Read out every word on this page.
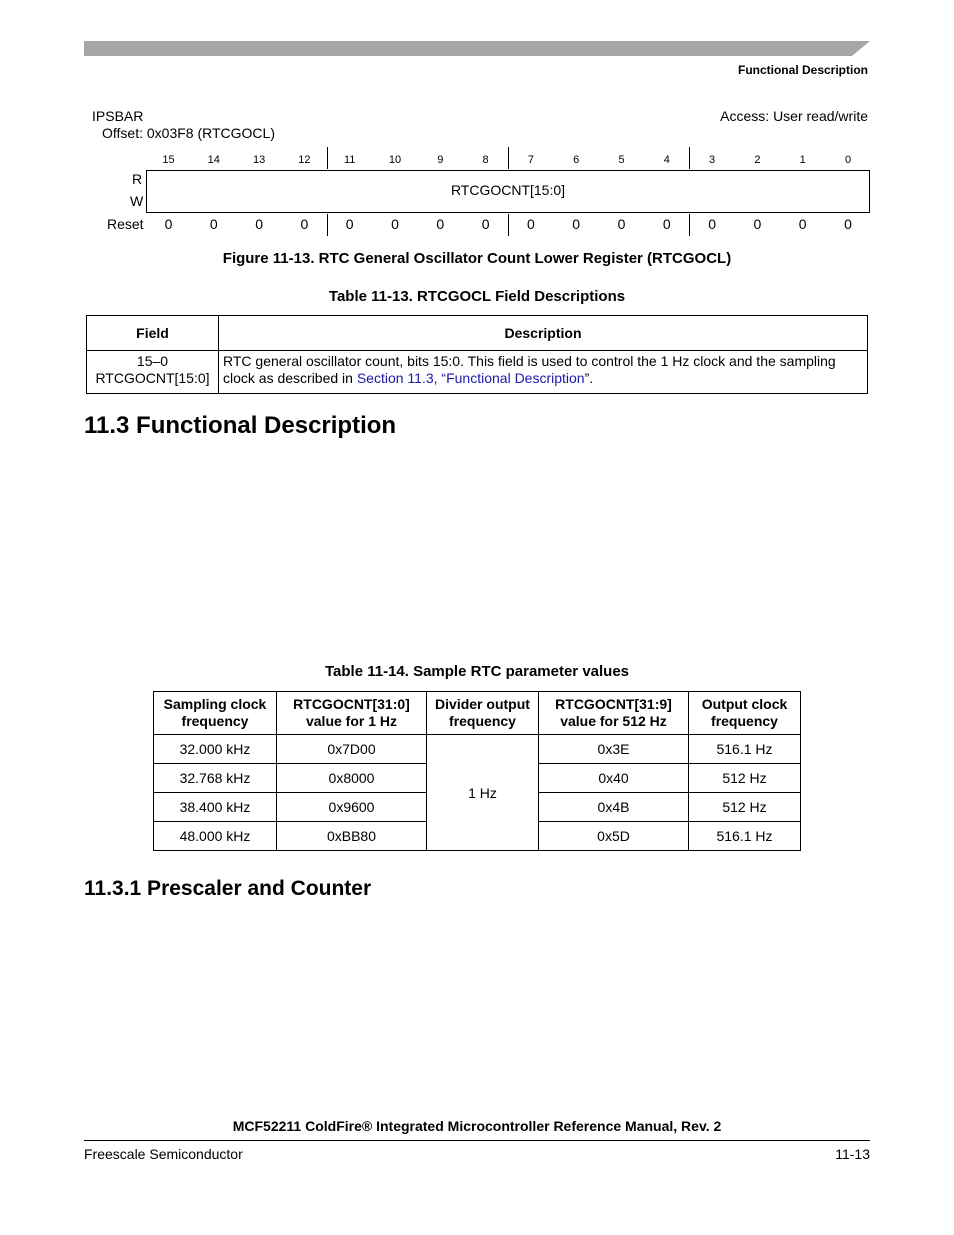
Functional Description
IPSBAR
Offset: 0x03F8 (RTCGOCL)
Access: User read/write
15	14	13	12	11	10	9	8	7	6	5	4	3	2	1	0
0	0	0	0	0	0	0	0	0	0	0	0	0	0	0	0
R
W
Reset
RTCGOCNT[15:0]
Figure 11-13. RTC General Oscillator Count Lower Register (RTCGOCL)
Table 11-13. RTCGOCL Field Descriptions
Field	Description

15–0
RTCGOCNT[15:0]	RTC general oscillator count, bits 15:0. This field is used to control the 1 Hz clock and the sampling clock as described in Section 11.3, “Functional Description”.
11.3 Functional Description
Table 11-14. Sample RTC parameter values
Sampling clock frequency	RTCGOCNT[31:0] value for 1 Hz	Divider output frequency	RTCGOCNT[31:9] value for 512 Hz	Output clock frequency
32.000 kHz	0x7D00	1 Hz	0x3E	516.1 Hz
32.768 kHz	0x8000		0x40	512 Hz
38.400 kHz	0x9600		0x4B	512 Hz
48.000 kHz	0xBB80		0x5D	516.1 Hz
11.3.1 Prescaler and Counter
MCF52211 ColdFire® Integrated Microcontroller Reference Manual, Rev. 2
Freescale Semiconductor	11-13
